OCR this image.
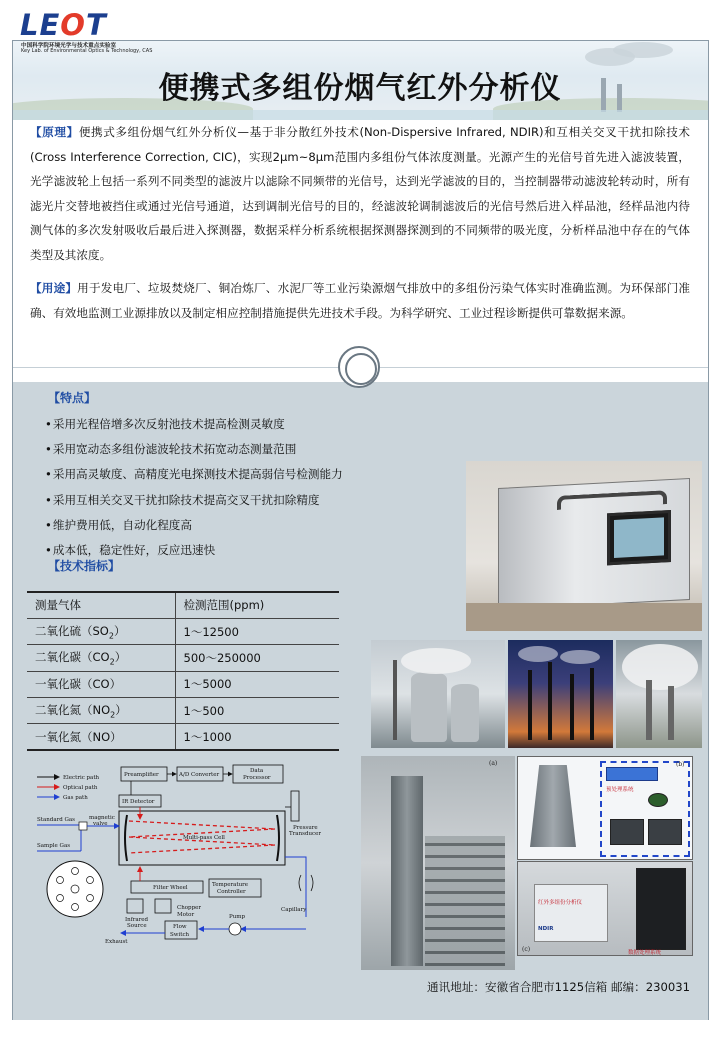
LEOT
中国科学院环境光学与技术重点实验室
Key Lab. of Environmental Optics & Technology, CAS
便携式多组份烟气红外分析仪

【原理】便携式多组份烟气红外分析仪—基于非分散红外技术(Non-Dispersive Infrared, NDIR)和互相关交叉干扰扣除技术(Cross Interference Correction, CIC)，实现2μm~8μm范围内多组份气体浓度测量。光源产生的光信号首先进入滤波装置，光学滤波轮上包括一系列不同类型的滤波片以滤除不同频带的光信号，达到光学滤波的目的，当控制器带动滤波轮转动时，所有滤光片交替地被挡住或通过光信号通道，达到调制光信号的目的，经滤波轮调制滤波后的光信号然后进入样品池，经样品池内待测气体的多次发射吸收后最后进入探测器，数据采样分析系统根据探测器探测到的不同频带的吸光度，分析样品池中存在的气体类型及其浓度。

【用途】用于发电厂、垃圾焚烧厂、铜冶炼厂、水泥厂等工业污染源烟气排放中的多组份污染气体实时准确监测。为环保部门准确、有效地监测工业源排放以及制定相应控制措施提供先进技术手段。为科学研究、工业过程诊断提供可靠数据来源。

【特点】
• 采用光程倍增多次反射池技术提高检测灵敏度
• 采用宽动态多组份滤波轮技术拓宽动态测量范围
• 采用高灵敏度、高精度光电探测技术提高弱信号检测能力
• 采用互相关交叉干扰扣除技术提高交叉干扰扣除精度
• 维护费用低，自动化程度高
• 成本低，稳定性好，反应迅速快
【技术指标】
测量气体	检测范围(ppm)
二氧化硫$(SO_2)$	1～12500
二氧化碳$(CO_2)$	500～250000
一氧化碳（CO）	1～5000
二氧化氮$(NO_2)$	1～500
一氧化氮（NO）	1～1000
(a)
预处理系统
(b)
红外多组份分析仪
NDIR
数据处理系统
(c)
Electric path
Optical path
Gas path
Preamplifier	A/D Converter
Data
Processor
IR Detector
Multi-pass Cell
Standard Gas
Sample Gas
magnetic
valve
Filter Wheel	Temperature
Controller
Infrared
Source
Chopper
Motor
Pressure
Transducer
Capillary
Pump
Flow
Switch
Exhaust
通讯地址：安徽省合肥市1125信箱 邮编：230031
